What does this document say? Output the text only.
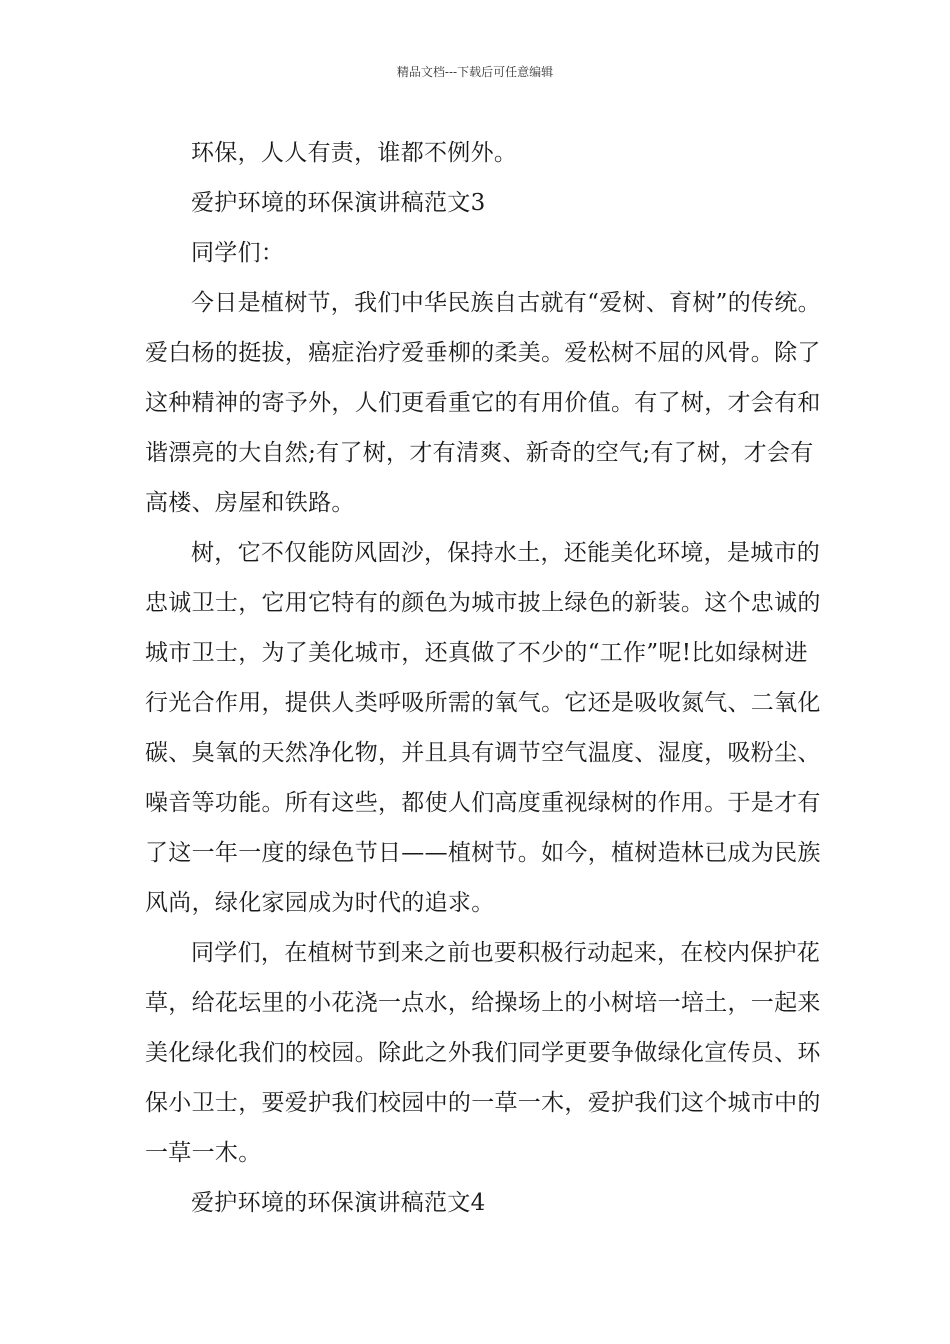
精品文档---下载后可任意编辑
环保，人人有责，谁都不例外。
爱护环境的环保演讲稿范文3
同学们：
今日是植树节，我们中华民族自古就有“爱树、育树”的传统。
爱白杨的挺拔，癌症治疗爱垂柳的柔美。爱松树不屈的风骨。除了
这种精神的寄予外，人们更看重它的有用价值。有了树，才会有和
谐漂亮的大自然;有了树，才有清爽、新奇的空气;有了树，才会有
高楼、房屋和铁路。
树，它不仅能防风固沙，保持水土，还能美化环境，是城市的
忠诚卫士，它用它特有的颜色为城市披上绿色的新装。这个忠诚的
城市卫士，为了美化城市，还真做了不少的“工作”呢!比如绿树进
行光合作用，提供人类呼吸所需的氧气。它还是吸收氮气、二氧化
碳、臭氧的天然净化物，并且具有调节空气温度、湿度，吸粉尘、
噪音等功能。所有这些，都使人们高度重视绿树的作用。于是才有
了这一年一度的绿色节日——植树节。如今，植树造林已成为民族
风尚，绿化家园成为时代的追求。
同学们，在植树节到来之前也要积极行动起来，在校内保护花
草，给花坛里的小花浇一点水，给操场上的小树培一培土，一起来
美化绿化我们的校园。除此之外我们同学更要争做绿化宣传员、环
保小卫士，要爱护我们校园中的一草一木，爱护我们这个城市中的
一草一木。
爱护环境的环保演讲稿范文4
